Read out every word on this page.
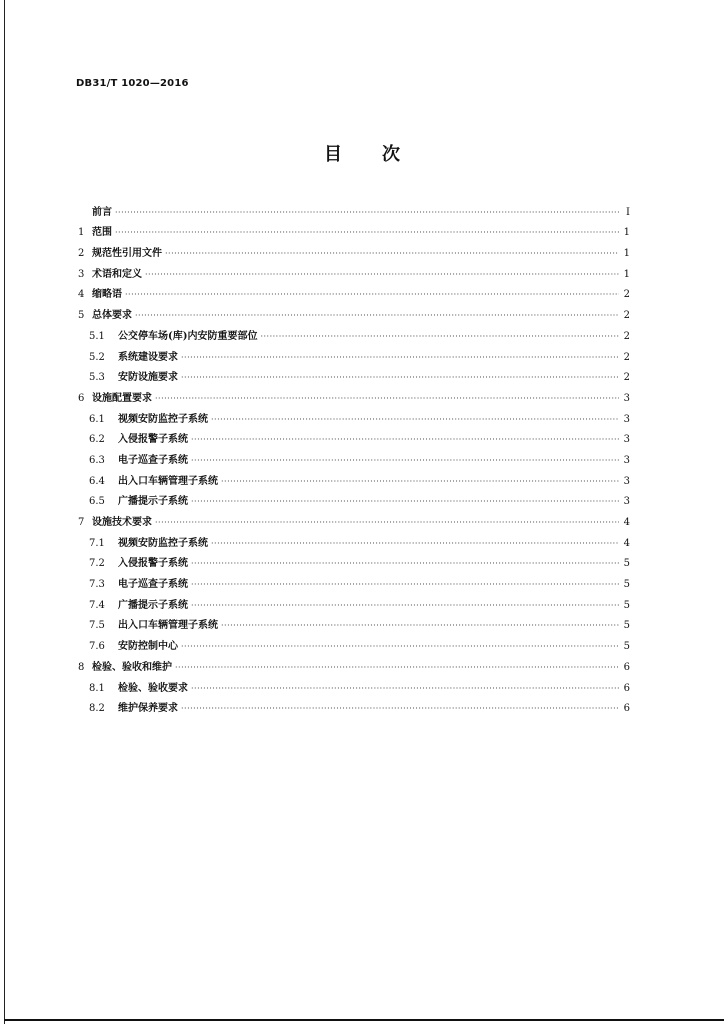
DB31/T 1020—2016
目 次
前言 ·····	Ⅰ
1 范围 ·····	1
2 规范性引用文件 ·····	1
3 术语和定义 ·····	1
4 缩略语 ·····	2
5 总体要求 ·····	2
5.1	公交停车场(库)内安防重要部位 ·····	2
5.2	系统建设要求 ·····	2
5.3	安防设施要求 ·····	2
6 设施配置要求 ·····	3
6.1	视频安防监控子系统 ·····	3
6.2	入侵报警子系统 ·····	3
6.3	电子巡查子系统 ·····	3
6.4	出入口车辆管理子系统 ·····	3
6.5	广播提示子系统 ·····	3
7 设施技术要求 ·····	4
7.1	视频安防监控子系统 ·····	4
7.2	入侵报警子系统 ·····	5
7.3	电子巡查子系统 ·····	5
7.4	广播提示子系统 ·····	5
7.5	出入口车辆管理子系统 ·····	5
7.6	安防控制中心 ·····	5
8 检验、验收和维护 ·····	6
8.1	检验、验收要求 ·····	6
8.2	维护保养要求 ·····	6
